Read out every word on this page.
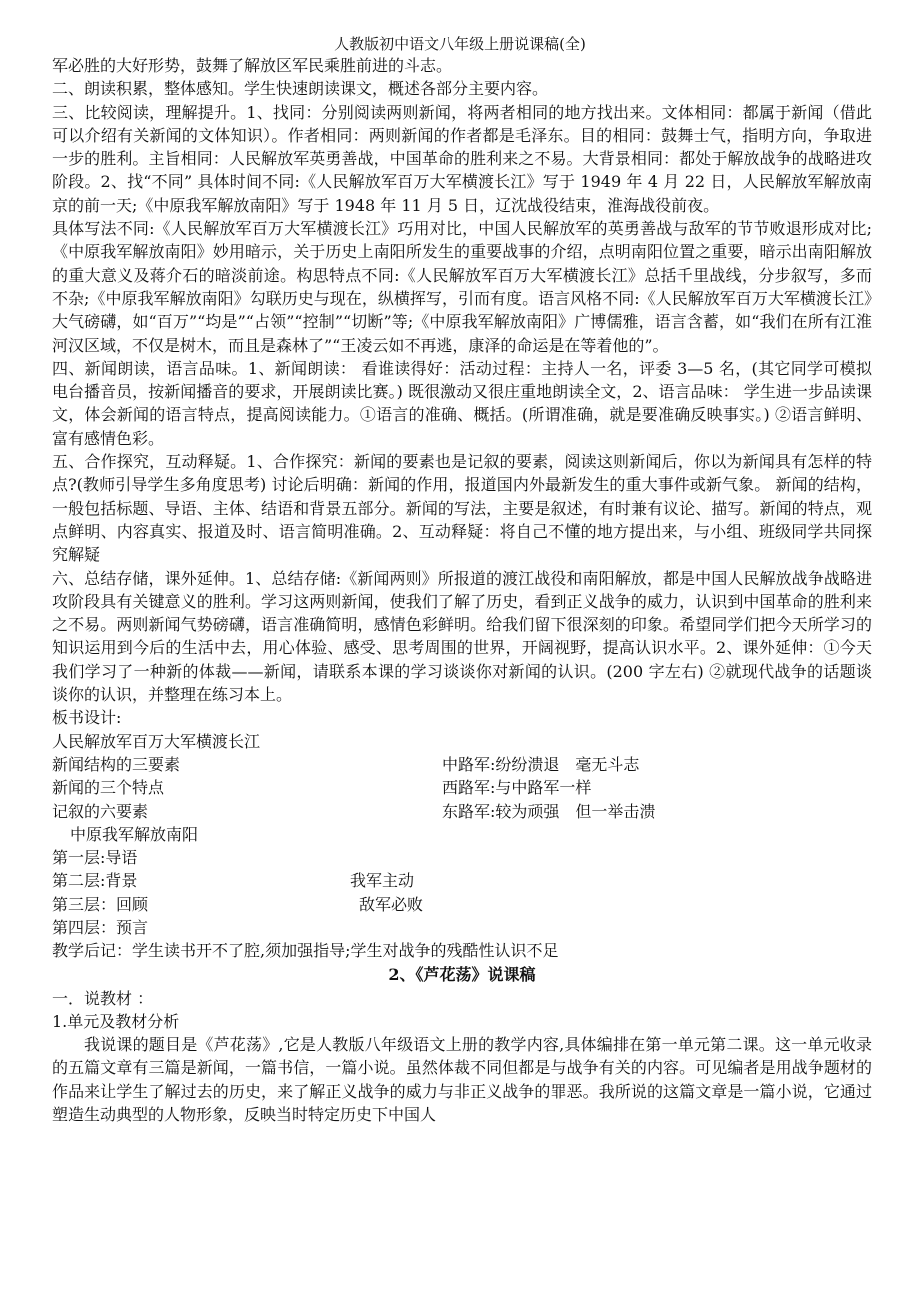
人教版初中语文八年级上册说课稿(全)

军必胜的大好形势，鼓舞了解放区军民乘胜前进的斗志。

二、朗读积累，整体感知。学生快速朗读课文，概述各部分主要内容。

三、比较阅读，理解提升。1、找同：分别阅读两则新闻，将两者相同的地方找出来。文体相同：都属于新闻（借此可以介绍有关新闻的文体知识）。作者相同：两则新闻的作者都是毛泽东。目的相同：鼓舞士气，指明方向，争取进一步的胜利。主旨相同：人民解放军英勇善战，中国革命的胜利来之不易。大背景相同：都处于解放战争的战略进攻阶段。2、找“不同” 具体时间不同:《人民解放军百万大军横渡长江》写于 1949 年 4 月 22 日，人民解放军解放南京的前一天;《中原我军解放南阳》写于 1948 年 11 月 5 日，辽沈战役结束，淮海战役前夜。

具体写法不同:《人民解放军百万大军横渡长江》巧用对比，中国人民解放军的英勇善战与敌军的节节败退形成对比;《中原我军解放南阳》妙用暗示，关于历史上南阳所发生的重要战事的介绍，点明南阳位置之重要，暗示出南阳解放的重大意义及蒋介石的暗淡前途。构思特点不同:《人民解放军百万大军横渡长江》总括千里战线，分步叙写，多而不杂;《中原我军解放南阳》勾联历史与现在，纵横挥写，引而有度。语言风格不同:《人民解放军百万大军横渡长江》大气磅礴，如“百万”“均是”“占领”“控制”“切断”等;《中原我军解放南阳》广博儒雅，语言含蓄，如“我们在所有江淮河汉区域，不仅是树木，而且是森林了”“王凌云如不再逃，康泽的命运是在等着他的”。

四、新闻朗读，语言品味。1、新闻朗读： 看谁读得好：活动过程：主持人一名，评委 3—5 名，(其它同学可模拟电台播音员，按新闻播音的要求，开展朗读比赛。) 既很激动又很庄重地朗读全文，2、语言品味： 学生进一步品读课文，体会新闻的语言特点，提高阅读能力。①语言的准确、概括。(所谓准确，就是要准确反映事实。) ②语言鲜明、富有感情色彩。

五、合作探究，互动释疑。1、合作探究：新闻的要素也是记叙的要素，阅读这则新闻后，你以为新闻具有怎样的特点?(教师引导学生多角度思考) 讨论后明确：新闻的作用，报道国内外最新发生的重大事件或新气象。 新闻的结构，一般包括标题、导语、主体、结语和背景五部分。新闻的写法，主要是叙述，有时兼有议论、描写。新闻的特点，观点鲜明、内容真实、报道及时、语言简明准确。2、互动释疑：将自己不懂的地方提出来，与小组、班级同学共同探究解疑

六、总结存储，课外延伸。1、总结存储:《新闻两则》所报道的渡江战役和南阳解放，都是中国人民解放战争战略进攻阶段具有关键意义的胜利。学习这两则新闻，使我们了解了历史，看到正义战争的威力，认识到中国革命的胜利来之不易。两则新闻气势磅礴，语言准确简明，感情色彩鲜明。给我们留下很深刻的印象。希望同学们把今天所学习的知识运用到今后的生活中去，用心体验、感受、思考周围的世界，开阔视野，提高认识水平。2、课外延伸：①今天我们学习了一种新的体裁——新闻，请联系本课的学习谈谈你对新闻的认识。(200 字左右) ②就现代战争的话题谈谈你的认识，并整理在练习本上。

板书设计:

人民解放军百万大军横渡长江

新闻结构的三要素	中路军:纷纷溃退　毫无斗志
新闻的三个特点	西路军:与中路军一样
记叙的六要素	东路军:较为顽强　但一举击溃

中原我军解放南阳

第一层:导语
第二层:背景	我军主动
第三层：回顾	敌军必败
第四层：预言

教学后记：学生读书开不了腔,须加强指导;学生对战争的残酷性认识不足

2、《芦花荡》说课稿

一．说教材 ：

1.单元及教材分析

我说课的题目是《芦花荡》,它是人教版八年级语文上册的教学内容,具体编排在第一单元第二课。这一单元收录的五篇文章有三篇是新闻，一篇书信，一篇小说。虽然体裁不同但都是与战争有关的内容。可见编者是用战争题材的作品来让学生了解过去的历史，来了解正义战争的威力与非正义战争的罪恶。我所说的这篇文章是一篇小说，它通过塑造生动典型的人物形象，反映当时特定历史下中国人
